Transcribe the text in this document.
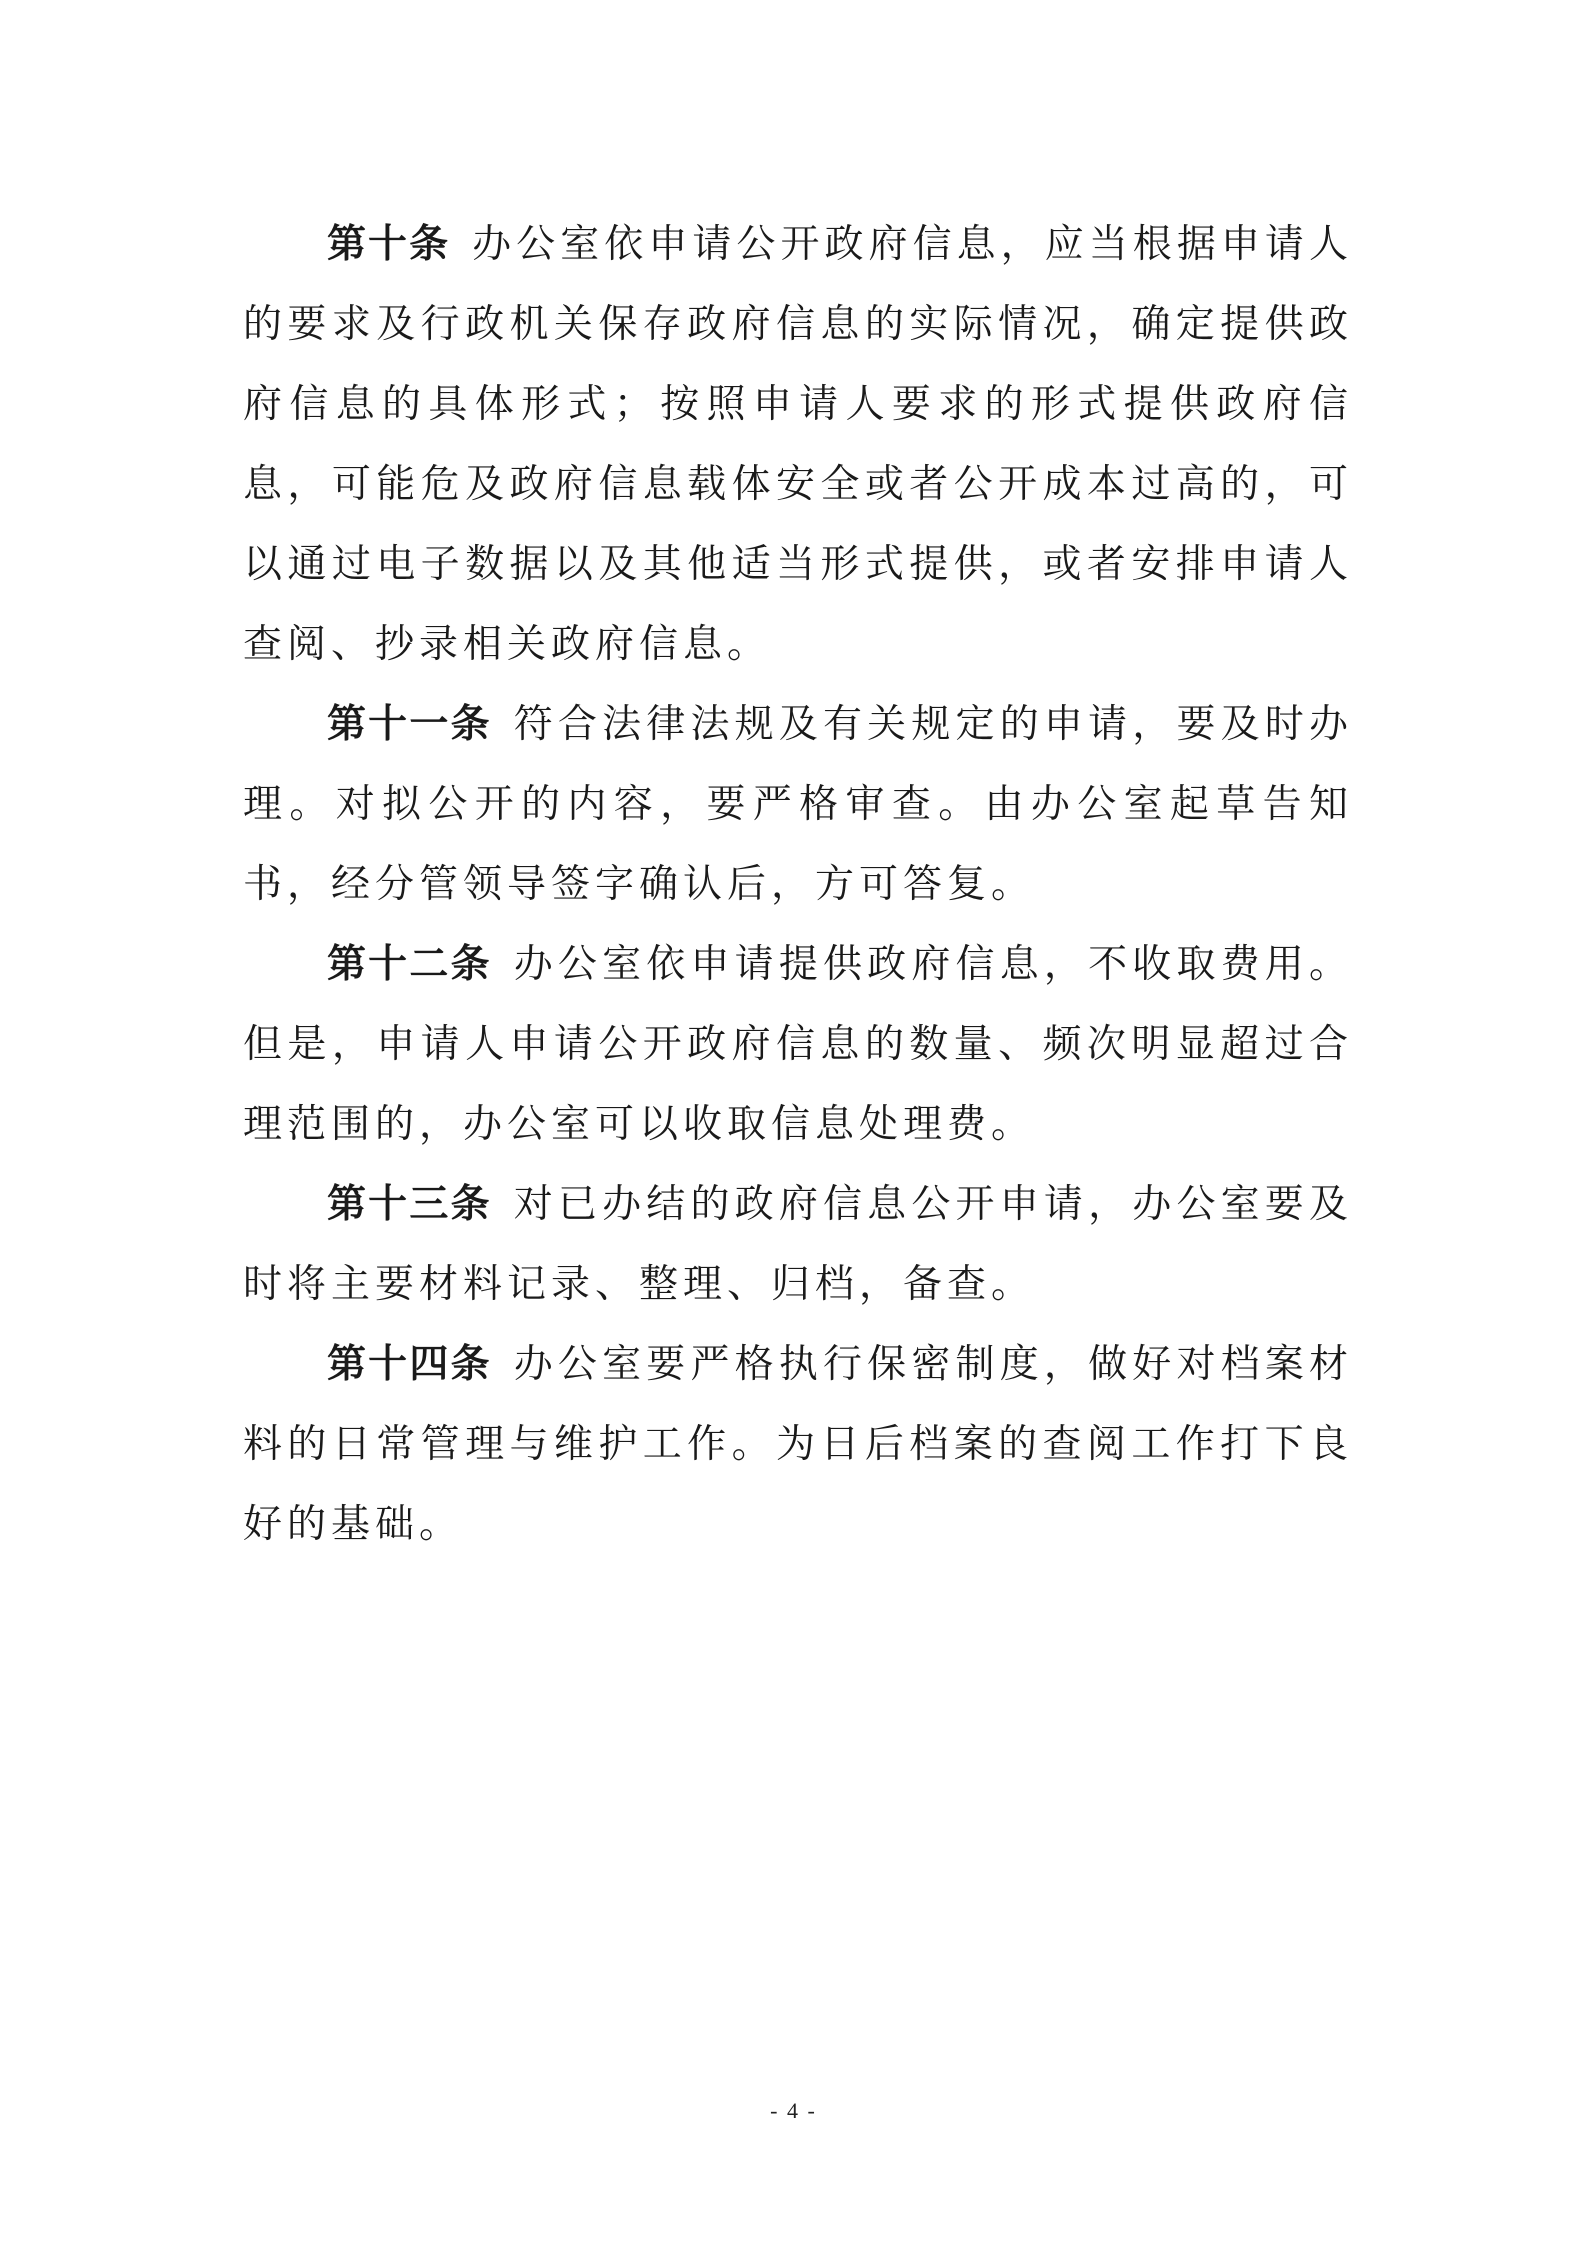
第十条 办公室依申请公开政府信息，应当根据申请人的要求及行政机关保存政府信息的实际情况，确定提供政府信息的具体形式；按照申请人要求的形式提供政府信息，可能危及政府信息载体安全或者公开成本过高的，可以通过电子数据以及其他适当形式提供，或者安排申请人查阅、抄录相关政府信息。

第十一条 符合法律法规及有关规定的申请，要及时办理。对拟公开的内容，要严格审查。由办公室起草告知书，经分管领导签字确认后，方可答复。

第十二条 办公室依申请提供政府信息，不收取费用。但是，申请人申请公开政府信息的数量、频次明显超过合理范围的，办公室可以收取信息处理费。

第十三条 对已办结的政府信息公开申请，办公室要及时将主要材料记录、整理、归档，备查。

第十四条 办公室要严格执行保密制度，做好对档案材料的日常管理与维护工作。为日后档案的查阅工作打下良好的基础。

- 4 -
